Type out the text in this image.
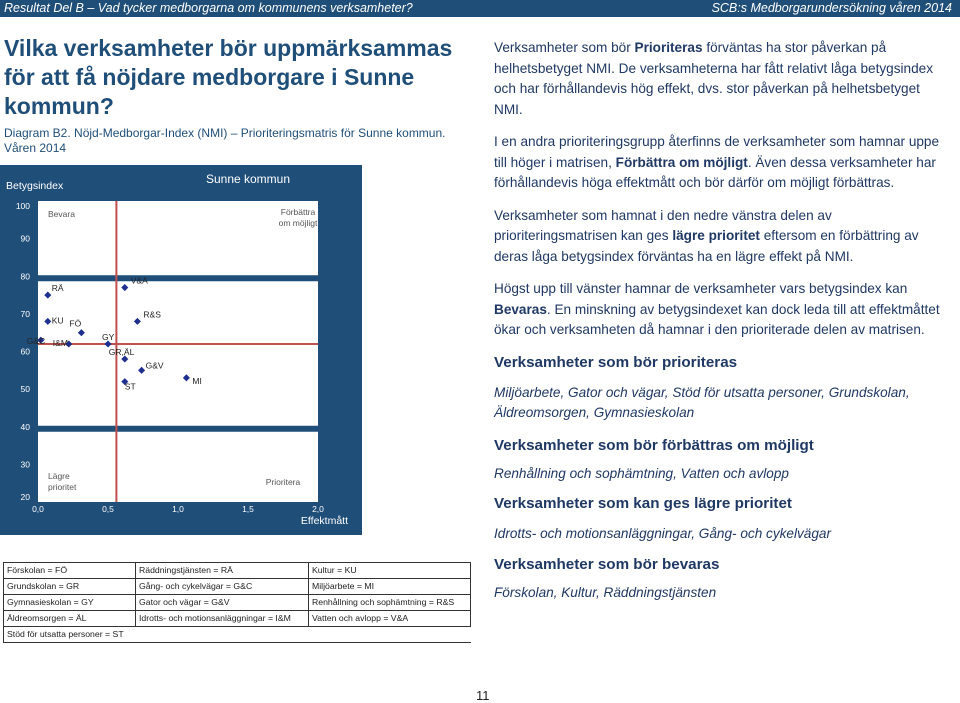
Resultat Del B – Vad tycker medborgarna om kommunens verksamheter?	SCB:s Medborgarundersökning våren 2014
Vilka verksamheter bör uppmärksammas för att få nöjdare medborgare i Sunne kommun?
Diagram B2. Nöjd-Medborgar-Index (NMI) – Prioriteringsmatris för Sunne kommun. Våren 2014
Sunne kommun
Betygsindex
Effektmått
100
90
80
70
60
50
40
30
20
0,0	0,5	1,0	1,5	2,0
Bevara	Förbättra
om möjligt
Lägre
prioritet	Prioritera
RÄ
KU FÖ
G&C I&M
V&A
R&S
GY
GR,ÄL
G&V
ST
MI
Förskolan = FÖ	Räddningstjänsten = RÄ	Kultur = KU
Grundskolan = GR	Gång- och cykelvägar = G&C	Miljöarbete = MI
Gymnasieskolan = GY	Gator och vägar = G&V	Renhållning och sophämtning = R&S
Äldreomsorgen = ÄL	Idrotts- och motionsanläggningar = I&M	Vatten och avlopp = V&A
Stöd för utsatta personer = ST		

Verksamheter som bör Prioriteras förväntas ha stor påverkan på helhetsbetyget NMI. De verksamheterna har fått relativt låga betygsindex och har förhållandevis hög effekt, dvs. stor påverkan på helhetsbetyget NMI.

I en andra prioriteringsgrupp återfinns de verksamheter som hamnar uppe till höger i matrisen, Förbättra om möjligt. Även dessa verksamheter har förhållandevis höga effektmått och bör därför om möjligt förbättras.

Verksamheter som hamnat i den nedre vänstra delen av prioriteringsmatrisen kan ges lägre prioritet eftersom en förbättring av deras låga betygsindex förväntas ha en lägre effekt på NMI.

Högst upp till vänster hamnar de verksamheter vars betygsindex kan Bevaras. En minskning av betygsindexet kan dock leda till att effektmåttet ökar och verksamheten då hamnar i den prioriterade delen av matrisen.

Verksamheter som bör prioriteras

Miljöarbete, Gator och vägar, Stöd för utsatta personer, Grundskolan, Äldreomsorgen, Gymnasieskolan

Verksamheter som bör förbättras om möjligt

Renhållning och sophämtning, Vatten och avlopp

Verksamheter som kan ges lägre prioritet

Idrotts- och motionsanläggningar, Gång- och cykelvägar

Verksamheter som bör bevaras

Förskolan, Kultur, Räddningstjänsten

11
